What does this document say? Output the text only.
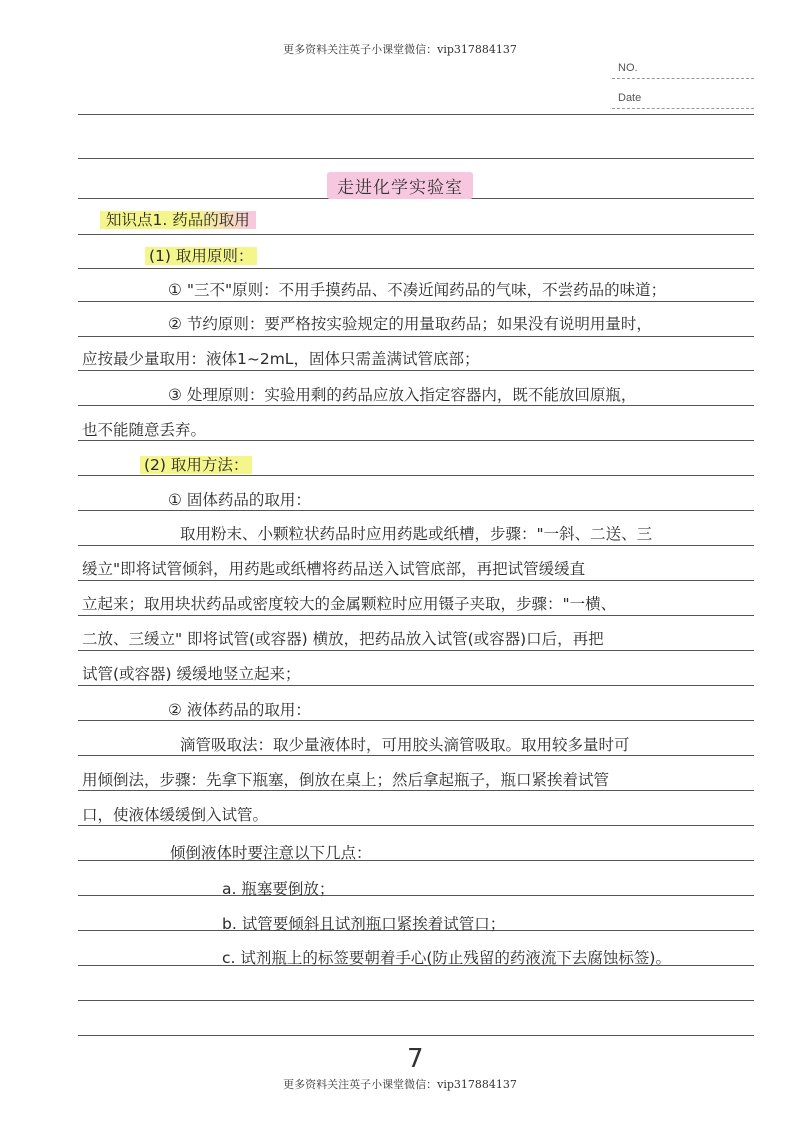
更多资料关注英子小课堂微信：vip317884137
NO.
Date
走进化学实验室
知识点1. 药品的取用
(1) 取用原则：
① "三不"原则：不用手摸药品、不凑近闻药品的气味，不尝药品的味道；
② 节约原则：要严格按实验规定的用量取药品；如果没有说明用量时，
应按最少量取用：液体1~2mL，固体只需盖满试管底部；
③ 处理原则：实验用剩的药品应放入指定容器内，既不能放回原瓶，
也不能随意丢弃。
(2) 取用方法：
① 固体药品的取用：
取用粉末、小颗粒状药品时应用药匙或纸槽，步骤："一斜、二送、三
缓立"即将试管倾斜，用药匙或纸槽将药品送入试管底部，再把试管缓缓直
立起来；取用块状药品或密度较大的金属颗粒时应用镊子夹取，步骤："一横、
二放、三缓立" 即将试管(或容器) 横放，把药品放入试管(或容器)口后，再把
试管(或容器) 缓缓地竖立起来；
② 液体药品的取用：
滴管吸取法：取少量液体时，可用胶头滴管吸取。取用较多量时可
用倾倒法，步骤：先拿下瓶塞，倒放在桌上；然后拿起瓶子，瓶口紧挨着试管
口，使液体缓缓倒入试管。
倾倒液体时要注意以下几点：
a. 瓶塞要倒放；
b. 试管要倾斜且试剂瓶口紧挨着试管口；
c. 试剂瓶上的标签要朝着手心(防止残留的药液流下去腐蚀标签)。
7
更多资料关注英子小课堂微信：vip317884137
